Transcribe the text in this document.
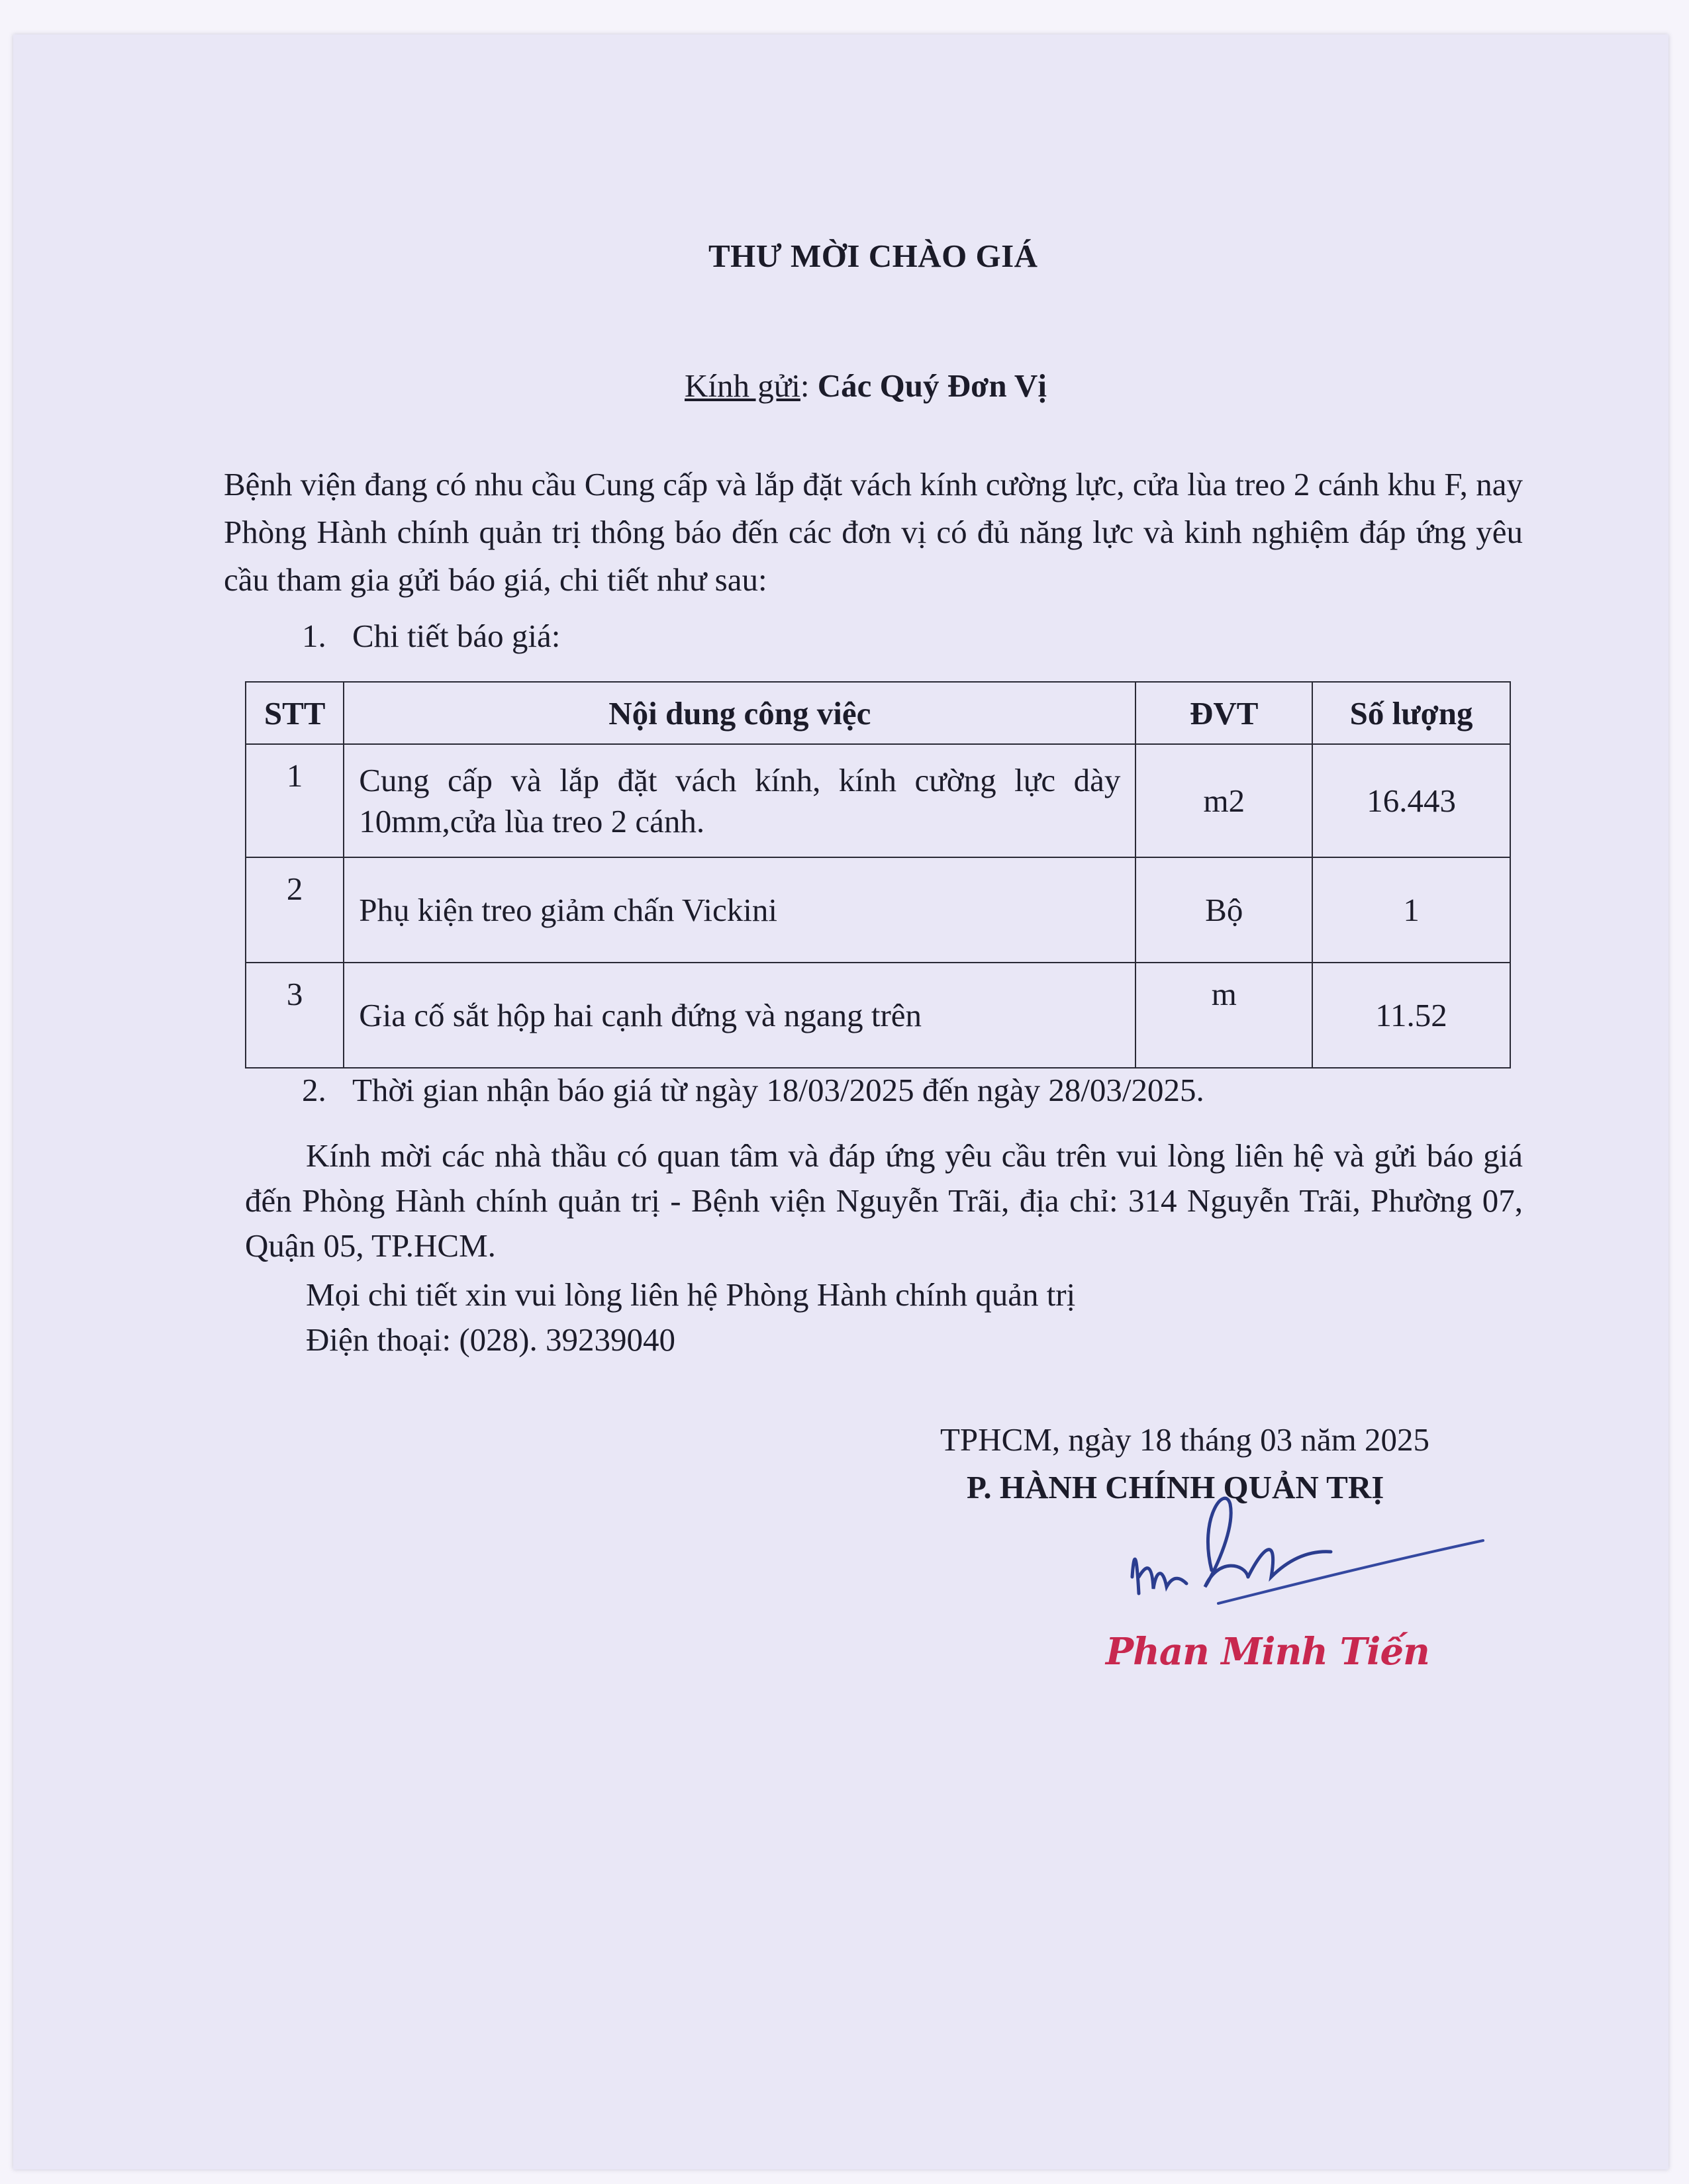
THƯ MỜI CHÀO GIÁ
Kính gửi: Các Quý Đơn Vị
Bệnh viện đang có nhu cầu Cung cấp và lắp đặt vách kính cường lực, cửa lùa treo 2 cánh khu F, nay Phòng Hành chính quản trị thông báo đến các đơn vị có đủ năng lực và kinh nghiệm đáp ứng yêu cầu tham gia gửi báo giá, chi tiết như sau:
1. Chi tiết báo giá:
STT	Nội dung công việc	ĐVT	Số lượng
1	Cung cấp và lắp đặt vách kính, kính cường lực dày 10mm,cửa lùa treo 2 cánh.	m2	16.443
2	Phụ kiện treo giảm chấn Vickini	Bộ	1
3	Gia cố sắt hộp hai cạnh đứng và ngang trên	m	11.52
2. Thời gian nhận báo giá từ ngày 18/03/2025 đến ngày 28/03/2025.
Kính mời các nhà thầu có quan tâm và đáp ứng yêu cầu trên vui lòng liên hệ và gửi báo giá đến Phòng Hành chính quản trị - Bệnh viện Nguyễn Trãi, địa chỉ: 314 Nguyễn Trãi, Phường 07, Quận 05, TP.HCM.
Mọi chi tiết xin vui lòng liên hệ Phòng Hành chính quản trị
Điện thoại: (028). 39239040
TPHCM, ngày 18 tháng 03 năm 2025
P. HÀNH CHÍNH QUẢN TRỊ
Phan Minh Tiến
